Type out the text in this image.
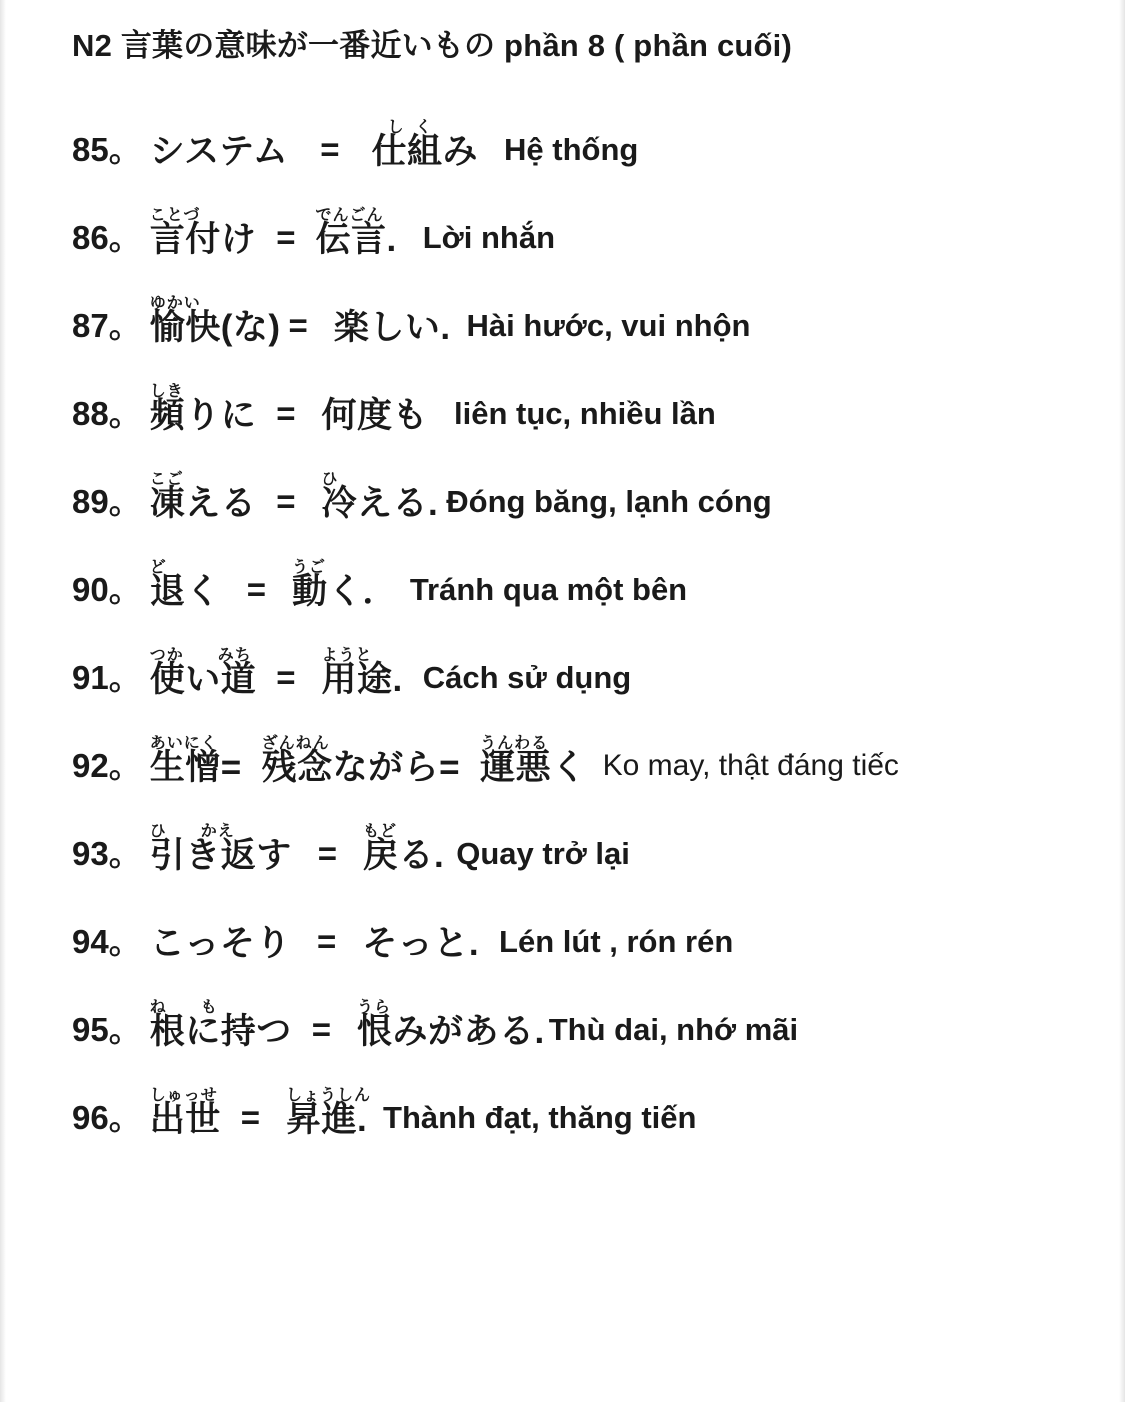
N2 言葉の意味が一番近いもの phần 8 ( phần cuối)
85。 システム =
しく
仕組み Hệ thống
86。
ことづ
言付け =
でんごん
伝言. Lời nhắn
87。
ゆかい
愉快(な) = 楽しい. Hài hước, vui nhộn
88。
しき
頻りに = 何度も liên tục, nhiều lần
89。
こご
凍える =
ひ
冷える. Đóng băng, lạnh cóng
90。
ど
退く =
うご
動く． Tránh qua một bên
91。
つか　　みち
使い道 =
ようと
用途. Cách sử dụng
92。
あいにく
生憎=
ざんねん
残念ながら=
うんわる
運悪く Ko may, thật đáng tiếc
93。
ひ　　かえ
引き返す =
もど
戻る. Quay trở lại
94。 こっそり = そっと. Lén lút , rón rén
95。
ね　　も
根に持つ =
うら
恨みがある. Thù dai, nhớ mãi
96。
しゅっせ
出世 =
しょうしん
昇進. Thành đạt, thăng tiến
